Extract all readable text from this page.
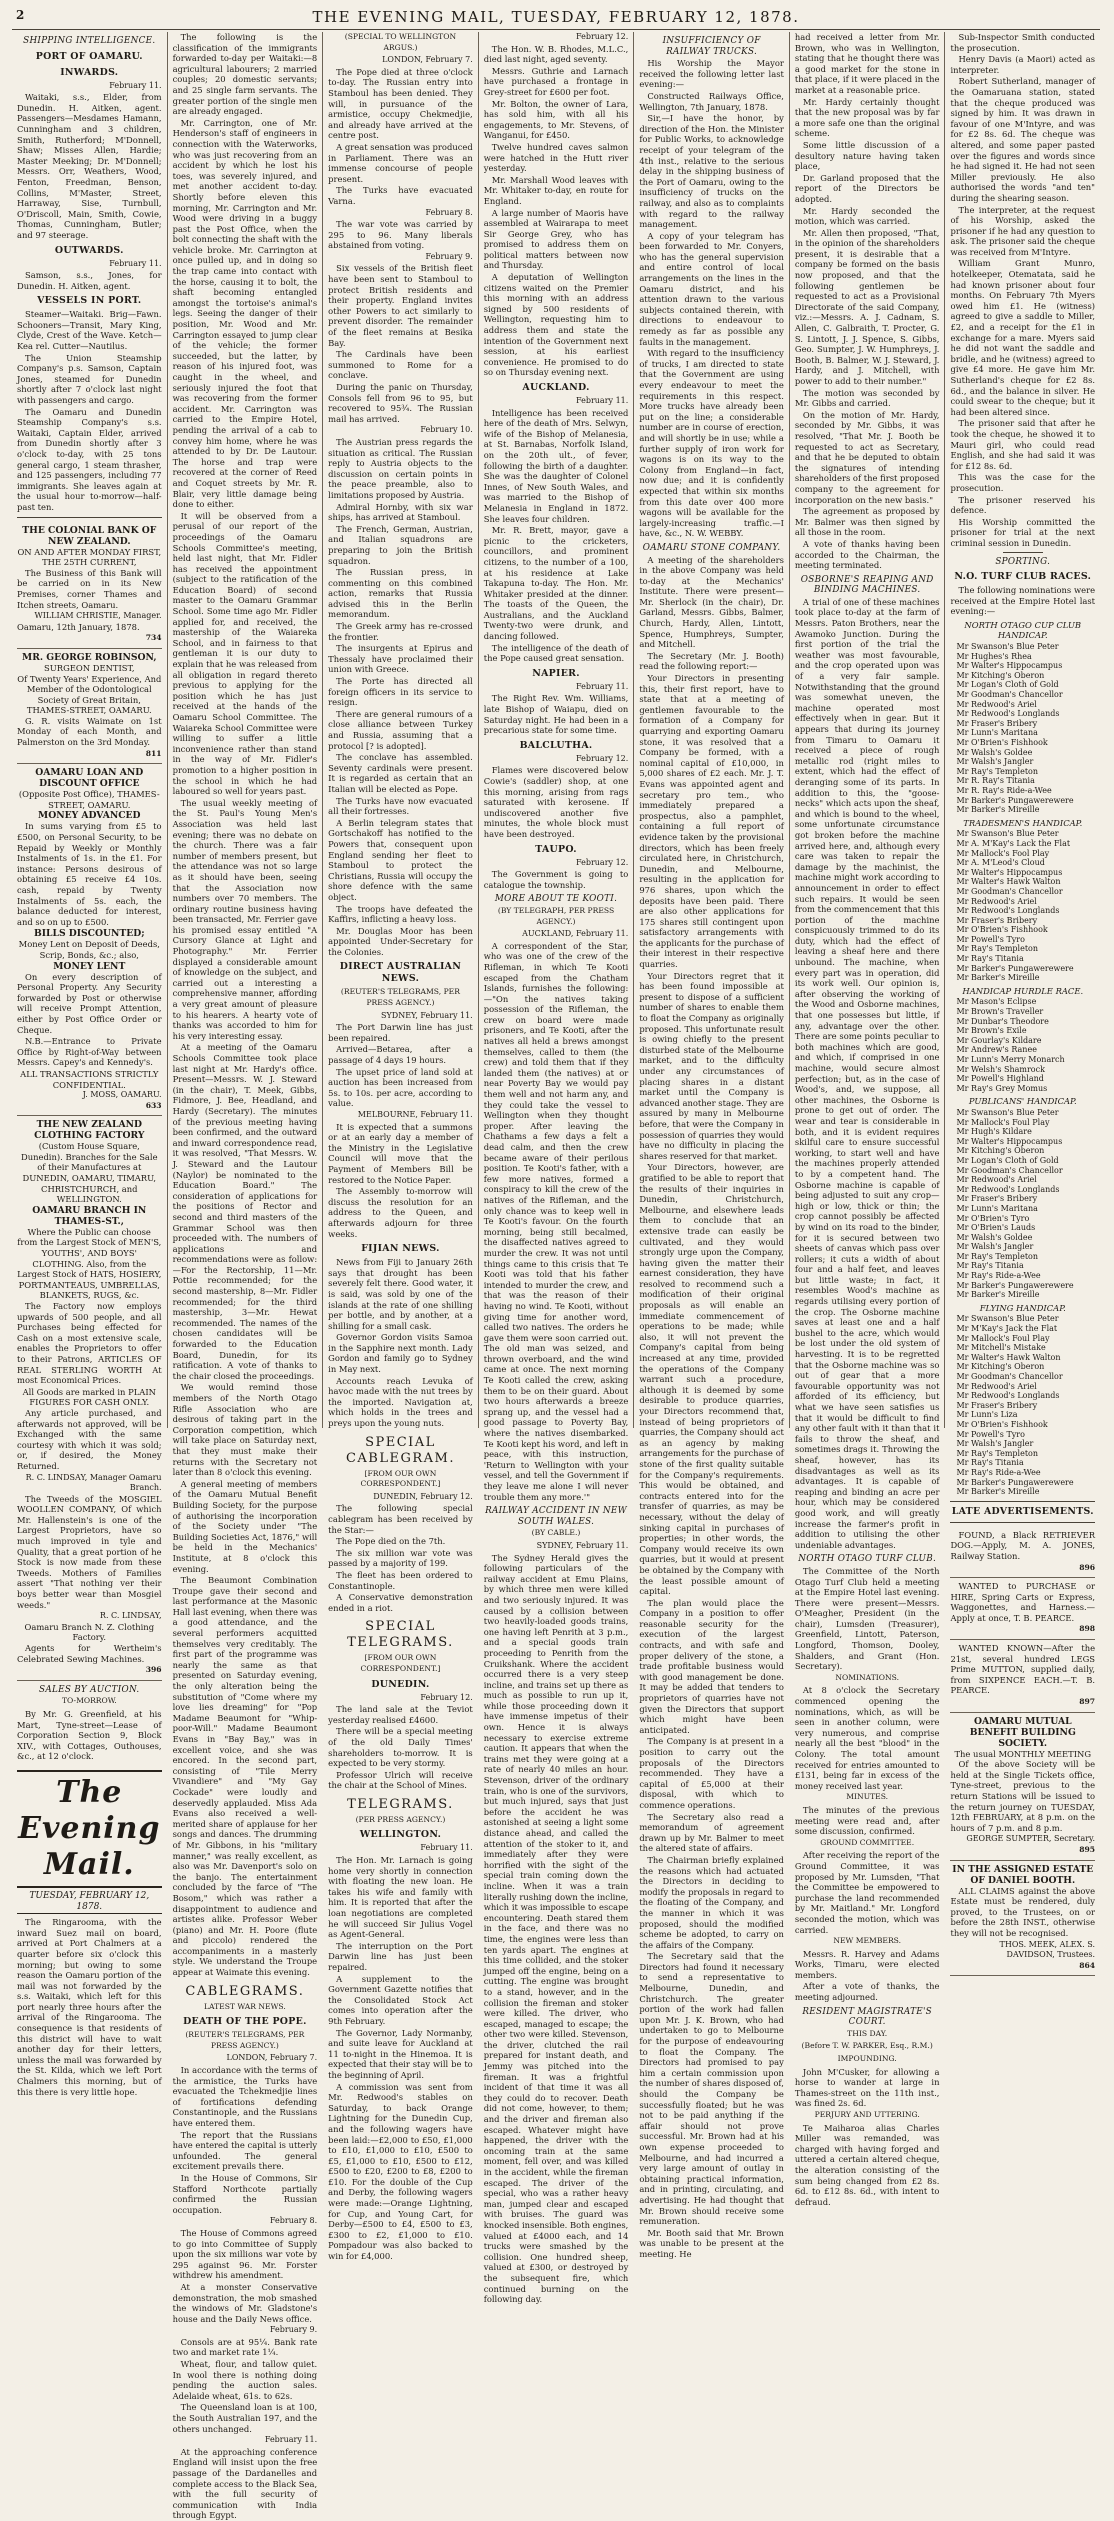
2	THE EVENING MAIL, TUESDAY, FEBRUARY 12, 1878.
SHIPPING INTELLIGENCE.
PORT OF OAMARU.
INWARDS.
February 11.

Waitaki, s.s., Elder, from Dunedin. H. Aitken, agent. Passengers—Mesdames Hamann, Cunningham and 3 children, Smith, Rutherford; M'Donnell, Shaw; Misses Allen, Hardie; Master Meeking; Dr. M'Donnell; Messrs. Orr, Weathers, Wood, Fenton, Freedman, Benson, Collins, M'Master, Street, Harraway, Sise, Turnbull, O'Driscoll, Main, Smith, Cowie, Thomas, Cunningham, Butler; and 97 steerage.

OUTWARDS.
February 11.

Samson, s.s., Jones, for Dunedin. H. Aitken, agent.

VESSELS IN PORT.

Steamer—Waitaki. Brig—Fawn. Schooners—Transit, Mary King, Clyde, Crest of the Wave. Ketch—Kea rel. Cutter—Nautilus.

The Union Steamship Company's p.s. Samson, Captain Jones, steamed for Dunedin shortly after 7 o'clock last night with passengers and cargo.

The Oamaru and Dunedin Steamship Company's s.s. Waitaki, Captain Elder, arrived from Dunedin shortly after 3 o'clock to-day, with 25 tons general cargo, 1 steam thrasher, and 125 passengers, including 77 immigrants. She leaves again at the usual hour to-morrow—half-past ten.

THE COLONIAL BANK OF NEW ZEALAND.
ON AND AFTER MONDAY FIRST, THE 25TH CURRENT,

The Business of this Bank will be carried on in its New Premises, corner Thames and Itchen streets, Oamaru.

WILLIAM CHRISTIE, Manager.

Oamaru, 12th January, 1878.

734
MR. GEORGE ROBINSON,
SURGEON DENTIST,
Of Twenty Years' Experience, And Member of the Odontological Society of Great Britain, THAMES-STREET, OAMARU.

G. R. visits Waimate on 1st Monday of each Month, and Palmerston on the 3rd Monday.

811
OAMARU LOAN AND DISCOUNT OFFICE
(Opposite Post Office), THAMES-STREET, OAMARU.
MONEY ADVANCED

In sums varying from £5 to £500, on Personal Security, to be Repaid by Weekly or Monthly Instalments of 1s. in the £1. For instance: Persons desirous of obtaining £5 receive £4 10s. cash, repaid by Twenty Instalments of 5s. each, the balance deducted for interest, and so on up to £500.

BILLS DISCOUNTED;
Money Lent on Deposit of Deeds, Scrip, Bonds, &c.; also,
MONEY LENT

On every description of Personal Property. Any Security forwarded by Post or otherwise will receive Prompt Attention, either by Post Office Order or Cheque.

N.B.—Entrance to Private Office by Right-of-Way between Messrs. Capey's and Kennedy's.

ALL TRANSACTIONS STRICTLY CONFIDENTIAL.
J. MOSS, OAMARU.
633
THE NEW ZEALAND CLOTHING FACTORY
(Custom House Square, Dunedin). Branches for the Sale of their Manufactures at DUNEDIN, OAMARU, TIMARU, CHRISTCHURCH, and WELLINGTON.
OAMARU BRANCH IN THAMES-ST.,
Where the Public can choose from the Largest Stock of MEN'S, YOUTHS', AND BOYS' CLOTHING. Also, from the Largest Stock of HATS, HOSIERY, PORTMANTEAUS, UMBRELLAS, BLANKETS, RUGS, &c.

The Factory now employs upwards of 500 people, and all Purchases being effected for Cash on a most extensive scale, enables the Proprietors to offer to their Patrons, ARTICLES OF REAL STERLING WORTH At most Economical Prices.

All Goods are marked in PLAIN FIGURES FOR CASH ONLY.

Any article purchased, and afterwards not approved, will be Exchanged with the same courtesy with which it was sold; or, if desired, the Money Returned.

R. C. LINDSAY, Manager Oamaru Branch.

The Tweeds of the MOSGIEL WOOLLEN COMPANY, Of which Mr. Hallenstein's is one of the Largest Proprietors, have so much improved in tyle and Quality, that a great portion of he Stock is now made from these Tweeds. Mothers of Families assert "That nothing ver their boys better wear than Mosgiel weeds."

R. C. LINDSAY,
Oamaru Branch N. Z. Clothing Factory.

Agents for Wertheim's Celebrated Sewing Machines.

396
SALES BY AUCTION.
TO-MORROW.

By Mr. G. Greenfield, at his Mart, Tyne-street—Lease of Corporation Section 9, Block XIV., with Cottages, Outhouses, &c., at 12 o'clock.

The Evening Mail.
TUESDAY, FEBRUARY 12, 1878.

The Ringarooma, with the inward Suez mail on board, arrived at Port Chalmers at a quarter before six o'clock this morning; but owing to some reason the Oamaru portion of the mail was not forwarded by the s.s. Waitaki, which left for this port nearly three hours after the arrival of the Ringarooma. The consequence is that residents of this district will have to wait another day for their letters, unless the mail was forwarded by the St. Kilda, which we left Port Chalmers this morning, but of this there is very little hope.

The following is the classification of the immigrants forwarded to-day per Waitaki:—8 agricultural labourers; 2 married couples; 20 domestic servants; and 25 single farm servants. The greater portion of the single men are already engaged.

Mr. Carrington, one of Mr. Henderson's staff of engineers in connection with the Waterworks, who was just recovering from an accident by which he lost his toes, was severely injured, and met another accident to-day. Shortly before eleven this morning, Mr. Carrington and Mr. Wood were driving in a buggy past the Post Office, when the bolt connecting the shaft with the vehicle broke. Mr. Carrington at once pulled up, and in doing so the trap came into contact with the horse, causing it to bolt, the shaft becoming entangled amongst the tortoise's animal's legs. Seeing the danger of their position, Mr. Wood and Mr. Carrington essayed to jump clear of the vehicle; the former succeeded, but the latter, by reason of his injured foot, was caught in the wheel, and seriously injured the foot that was recovering from the former accident. Mr. Carrington was carried to the Empire Hotel, pending the arrival of a cab to convey him home, where he was attended to by Dr. De Lautour. The horse and trap were recovered at the corner of Reed and Coquet streets by Mr. R. Blair, very little damage being done to either.

It will be observed from a perusal of our report of the proceedings of the Oamaru Schools Committee's meeting, held last night, that Mr. Fidler has received the appointment (subject to the ratification of the Education Board) of second master to the Oamaru Grammar School. Some time ago Mr. Fidler applied for, and received, the mastership of the Waiareka School, and in fairness to that gentleman it is our duty to explain that he was released from all obligation in regard thereto previous to applying for the position which he has just received at the hands of the Oamaru School Committee. The Waiareka School Committee were willing to suffer a little inconvenience rather than stand in the way of Mr. Fidler's promotion to a higher position in the school in which he had laboured so well for years past.

The usual weekly meeting of the St. Paul's Young Men's Association was held last evening; there was no debate on the church. There was a fair number of members present, but the attendance was not so large as it should have been, seeing that the Association now numbers over 70 members. The ordinary routine business having been transacted, Mr. Ferrier gave his promised essay entitled "A Cursory Glance at Light and Photography." Mr. Ferrier displayed a considerable amount of knowledge on the subject, and carried out a interesting a comprehensive manner, affording a very great amount of pleasure to his hearers. A hearty vote of thanks was accorded to him for his very interesting essay.

At a meeting of the Oamaru Schools Committee took place last night at Mr. Hardy's office. Present—Messrs. W. J. Steward (in the chair), T. Meek, Gibbs, Fidmore, J. Bee, Headland, and Hardy (Secretary). The minutes of the previous meeting having been confirmed, and the outward and inward correspondence read, it was resolved, "That Messrs. W. J. Steward and the Lautour (Naylor) be nominated to the Education Board." The consideration of applications for the positions of Rector and second and third masters of the Grammar School was then proceeded with. The numbers of applications and recommendations were as follow:—For the Rectorship, 11—Mr. Pottie recommended; for the second mastership, 8—Mr. Fidler recommended; for the third mastership, 3—Mr. Hewat recommended. The names of the chosen candidates will be forwarded to the Education Board, Dunedin, for its ratification. A vote of thanks to the chair closed the proceedings.

We would remind those members of the North Otago Rifle Association who are desirous of taking part in the Corporation competition, which will take place on Saturday next, that they must make their returns with the Secretary not later than 8 o'clock this evening.

A general meeting of members of the Oamaru Mutual Benefit Building Society, for the purpose of authorising the incorporation of the Society under "The Building Societies Act, 1876," will be held in the Mechanics' Institute, at 8 o'clock this evening.

The Beaumont Combination Troupe gave their second and last performance at the Masonic Hall last evening, when there was a good attendance, and the several performers acquitted themselves very creditably. The first part of the programme was nearly the same as that presented on Saturday evening, the only alteration being the substitution of "Come where my love lies dreaming" for "Pop Madame Beaumont for "Whip-poor-Will." Madame Beaumont Evans in "Bay Bay," was in excellent voice, and she was encored. In the second part, consisting of "Tile Merry Vivandiere" and "My Gay Cockade" were loudly and deservedly applauded. Miss Ada Evans also received a well-merited share of applause for her songs and dances. The drumming of Mr. Gibbons, in his "military manner," was really excellent, as also was Mr. Davenport's solo on the banjo. The entertainment concluded by the farce of "The Bosom," which was rather a disappointment to audience and artistes alike. Professor Weber (piano) and Mr. H. Poore (flute and piccolo) rendered the accompaniments in a masterly style. We understand the Troupe appear at Waimate this evening.

CABLEGRAMS.
LATEST WAR NEWS.
DEATH OF THE POPE.
(REUTER'S TELEGRAMS, PER PRESS AGENCY.)
LONDON, February 7.

In accordance with the terms of the armistice, the Turks have evacuated the Tchekmedjie lines of fortifications defending Constantinople, and the Russians have entered them.

The report that the Russians have entered the capital is utterly unfounded. The general excitement prevails there.

In the House of Commons, Sir Stafford Northcote partially confirmed the Russian occupation.

February 8.

The House of Commons agreed to go into Committee of Supply upon the six millions war vote by 295 against 96. Mr. Forster withdrew his amendment.

At a monster Conservative demonstration, the mob smashed the windows of Mr. Gladstone's house and the Daily News office.

February 9.

Consols are at 95¼. Bank rate two and market rate 1¼.

Wheat, flour, and tallow quiet. In wool there is nothing doing pending the auction sales. Adelaide wheat, 61s. to 62s.

The Queensland loan is at 100, the South Australian 197, and the others unchanged.

February 11.

At the approaching conference England will insist upon the free passage of the Dardanelles and complete access to the Black Sea, with the full security of communication with India through Egypt.

(SPECIAL TO WELLINGTON ARGUS.)
LONDON, February 7.

The Pope died at three o'clock to-day. The Russian entry into Stamboul has been denied. They will, in pursuance of the armistice, occupy Chekmedjie, and already have arrived at the centre post.

A great sensation was produced in Parliament. There was an immense concourse of people present.

The Turks have evacuated Varna.

February 8.

The war vote was carried by 295 to 96. Many liberals abstained from voting.

February 9.

Six vessels of the British fleet have been sent to Stamboul to protect British residents and their property. England invites other Powers to act similarly to prevent disorder. The remainder of the fleet remains at Besika Bay.

The Cardinals have been summoned to Rome for a conclave.

During the panic on Thursday, Consols fell from 96 to 95, but recovered to 95¾. The Russian mail has arrived.

February 10.

The Austrian press regards the situation as critical. The Russian reply to Austria objects to the discussion on certain points in the peace preamble, also to limitations proposed by Austria.

Admiral Hornby, with six war ships, has arrived at Stamboul.

The French, German, Austrian, and Italian squadrons are preparing to join the British squadron.

The Russian press, in commenting on this combined action, remarks that Russia advised this in the Berlin memorandum.

The Greek army has re-crossed the frontier.

The insurgents at Epirus and Thessaly have proclaimed their union with Greece.

The Porte has directed all foreign officers in its service to resign.

There are general rumours of a close alliance between Turkey and Russia, assuming that a protocol [? is adopted].

The conclave has assembled. Seventy cardinals were present. It is regarded as certain that an Italian will be elected as Pope.

The Turks have now evacuated all their fortresses.

A Berlin telegram states that Gortschakoff has notified to the Powers that, consequent upon England sending her fleet to Stamboul to protect the Christians, Russia will occupy the shore defence with the same object.

The troops have defeated the Kaffirs, inflicting a heavy loss.

Mr. Douglas Moor has been appointed Under-Secretary for the Colonies.

DIRECT AUSTRALIAN NEWS.
(REUTER'S TELEGRAMS, PER PRESS AGENCY.)
SYDNEY, February 11.

The Port Darwin line has just been repaired.

Arrived—Betarea, after a passage of 4 days 19 hours.

The upset price of land sold at auction has been increased from 5s. to 10s. per acre, according to value.

MELBOURNE, February 11.

It is expected that a summons or at an early day a member of the Ministry in the Legislative Council will move that the Payment of Members Bill be restored to the Notice Paper.

The Assembly to-morrow will discuss the resolution for an address to the Queen, and afterwards adjourn for three weeks.

FIJIAN NEWS.

News from Fiji to January 26th says that drought has been severely felt there. Good water, it is said, was sold by one of the islands at the rate of one shilling per bottle, and by another, at a shilling for a small cask.

Governor Gordon visits Samoa in the Sapphire next month. Lady Gordon and family go to Sydney in May next.

Accounts reach Levuka of havoc made with the nut trees by the imported. Navigation at, which holds in the trees and preys upon the young nuts.

SPECIAL CABLEGRAM.
[FROM OUR OWN CORRESPONDENT.]
DUNEDIN, February 12.

The following special cablegram has been received by the Star:—

The Pope died on the 7th.

The six million war vote was passed by a majority of 199.

The fleet has been ordered to Constantinople.

A Conservative demonstration ended in a riot.

SPECIAL TELEGRAMS.
[FROM OUR OWN CORRESPONDENT.]
DUNEDIN.
February 12.

The land sale at the Teviot yesterday realised £4600.

There will be a special meeting of the old Daily Times' shareholders to-morrow. It is expected to be very stormy.

Professor Ulrich will receive the chair at the School of Mines.

TELEGRAMS.
(PER PRESS AGENCY.)
WELLINGTON.
February 11.

The Hon. Mr. Larnach is going home very shortly in connection with floating the new loan. He takes his wife and family with him. It is reported that after the loan negotiations are completed he will succeed Sir Julius Vogel as Agent-General.

The interruption on the Port Darwin line has just been repaired.

A supplement to the Government Gazette notifies that the Consolidated Stock Act comes into operation after the 9th February.

The Governor, Lady Normanby, and suite leave for Auckland at 11 to-night in the Hinemoa. It is expected that their stay will be to the beginning of April.

A commission was sent from Mr. Redwood's stables on Saturday, to back Orange Lightning for the Dunedin Cup, and the following wagers have been laid:—£2,000 to £50, £1,000 to £10, £1,000 to £10, £500 to £5, £1,000 to £10, £500 to £12, £500 to £20, £200 to £8, £200 to £10. For the double of the Cup and Derby, the following wagers were made:—Orange Lightning, for Cup, and Young Cart, for Derby—£500 to £4, £500 to £3, £300 to £2, £1,000 to £10. Pompadour was also backed to win for £4,000.

February 12.

The Hon. W. B. Rhodes, M.L.C., died last night, aged seventy.

Messrs. Guthrie and Larnach have purchased a frontage in Grey-street for £600 per foot.

Mr. Bolton, the owner of Lara, has sold him, with all his engagements, to Mr. Stevens, of Wanganui, for £450.

Twelve hundred caves salmon were hatched in the Hutt river yesterday.

Mr. Marshall Wood leaves with Mr. Whitaker to-day, en route for England.

A large number of Maoris have assembled at Wairarapa to meet Sir George Grey, who has promised to address them on political matters between now and Thursday.

A deputation of Wellington citizens waited on the Premier this morning with an address signed by 500 residents of Wellington, requesting him to address them and state the intention of the Government next session, at his earliest convenience. He promised to do so on Thursday evening next.

AUCKLAND.
February 11.

Intelligence has been received here of the death of Mrs. Selwyn, wife of the Bishop of Melanesia, at St. Barnabas, Norfolk Island, on the 20th ult., of fever, following the birth of a daughter. She was the daughter of Colonel Innes, of New South Wales, and was married to the Bishop of Melanesia in England in 1872. She leaves four children.

Mr. R. Brett, mayor, gave a picnic to the cricketers, councillors, and prominent citizens, to the number of a 100, at his residence at Lake Takapuna to-day. The Hon. Mr. Whitaker presided at the dinner. The toasts of the Queen, the Australians, and the Auckland Twenty-two were drunk, and dancing followed.

The intelligence of the death of the Pope caused great sensation.

NAPIER.
February 11.

The Right Rev. Wm. Williams, late Bishop of Waiapu, died on Saturday night. He had been in a precarious state for some time.

BALCLUTHA.
February 12.

Flames were discovered below Cowie's (saddler) shop, at one this morning, arising from rags saturated with kerosene. If undiscovered another five minutes, the whole block must have been destroyed.

TAUPO.
February 12.

The Government is going to catalogue the township.

MORE ABOUT TE KOOTI.
(BY TELEGRAPH, PER PRESS AGENCY.)
AUCKLAND, February 11.

A correspondent of the Star, who was one of the crew of the Rifleman, in which Te Kooti escaped from the Chatham Islands, furnishes the following:—"On the natives taking possession of the Rifleman, the crew on board were made prisoners, and Te Kooti, after the natives all held a brews amongst themselves, called to them (the crew) and told them that if they landed them (the natives) at or near Poverty Bay we would pay them well and not harm any, and they could take the vessel to Wellington when they thought proper. After leaving the Chathams a few days a felt a dead calm, and then the crew became aware of their perilous position. Te Kooti's father, with a few more natives, formed a conspiracy to kill the crew of the natives of the Rifleman, and the only chance was to keep well in Te Kooti's favour. On the fourth morning, being still becalmed, the disaffected natives agreed to murder the crew. It was not until things came to this crisis that Te Kooti was told that his father intended to murder the crew, and that was the reason of their having no wind. Te Kooti, without giving time for another word, called two natives. The orders he gave them were soon carried out. The old man was seized, and thrown overboard, and the wind came at once. The next morning Te Kooti called the crew, asking them to be on their guard. About two hours afterwards a breeze sprang up, and the vessel had a good passage to Poverty Bay, where the natives disembarked. Te Kooti kept his word, and left in peace, with this instruction, 'Return to Wellington with your vessel, and tell the Government if they leave me alone I will never trouble them any more.'"

RAILWAY ACCIDENT IN NEW SOUTH WALES.
(BY CABLE.)
SYDNEY, February 11.

The Sydney Herald gives the following particulars of the railway accident at Emu Plains, by which three men were killed and two seriously injured. It was caused by a collision between two heavily-loaded goods trains, one having left Penrith at 3 p.m., and a special goods train proceeding to Penrith from the Cruikshank. Where the accident occurred there is a very steep incline, and trains set up there as much as possible to run up it, while those proceeding down it have immense impetus of their own. Hence it is always necessary to exercise extreme caution. It appears that when the trains met they were going at a rate of nearly 40 miles an hour. Stevenson, driver of the ordinary train, who is one of the survivors, but much injured, says that just before the accident he was astonished at seeing a light some distance ahead, and called the attention of the stoker to it, and immediately after they were horrified with the sight of the special train coming down the incline. When it was a train literally rushing down the incline, which it was impossible to escape encountering. Death stared them in the face, and there was no time, the engines were less than ten yards apart. The engines at this time collided, and the stoker jumped off the engine, being on a cutting. The engine was brought to a stand, however, and in the collision the fireman and stoker were killed. The driver, who escaped, managed to escape; the other two were killed. Stevenson, the driver, clutched the rail prepared for instant death, and Jemmy was pitched into the fireman. It was a frightful incident of that time it was all they could do to recover. Death did not come, however, to them; and the driver and fireman also escaped. Whatever might have happened, the driver with the oncoming train at the same moment, fell over, and was killed in the accident, while the fireman escaped. The driver of the special, who was a rather heavy man, jumped clear and escaped with bruises. The guard was knocked insensible. Both engines, valued at £4000 each, and 14 trucks were smashed by the collision. One hundred sheep, valued at £300, or destroyed by the subsequent fire, which continued burning on the following day.

INSUFFICIENCY OF RAILWAY TRUCKS.

His Worship the Mayor received the following letter last evening:—

Constructed Railways Office, Wellington, 7th January, 1878.

Sir,—I have the honor, by direction of the Hon. the Minister for Public Works, to acknowledge receipt of your telegram of the 4th inst., relative to the serious delay in the shipping business of the Port of Oamaru, owing to the insufficiency of trucks on the railway, and also as to complaints with regard to the railway management.

A copy of your telegram has been forwarded to Mr. Conyers, who has the general supervision and entire control of local arrangements on the lines in the Oamaru district, and his attention drawn to the various subjects contained therein, with directions to endeavour to remedy as far as possible any faults in the management.

With regard to the insufficiency of trucks, I am directed to state that the Government are using every endeavour to meet the requirements in this respect. More trucks have already been put on the line; a considerable number are in course of erection, and will shortly be in use; while a further supply of iron work for wagons is on its way to the Colony from England—in fact, now due; and it is confidently expected that within six months from this date over 400 more wagons will be available for the largely-increasing traffic.—I have, &c., N. W. WEBBY.

OAMARU STONE COMPANY.

A meeting of the shareholders in the above Company was held to-day at the Mechanics' Institute. There were present—Mr. Sherlock (in the chair), Dr. Garland, Messrs. Gibbs, Balmer, Church, Hardy, Allen, Lintott, Spence, Humphreys, Sumpter, and Mitchell.

The Secretary (Mr. J. Booth) read the following report:—

Your Directors in presenting this, their first report, have to state that at a meeting of gentlemen favourable to the formation of a Company for quarrying and exporting Oamaru stone, it was resolved that a Company be formed, with a nominal capital of £10,000, in 5,000 shares of £2 each. Mr. J. T. Evans was appointed agent and secretary pro tem., who immediately prepared a prospectus, also a pamphlet, containing a full report of evidence taken by the provisional directors, which has been freely circulated here, in Christchurch, Dunedin, and Melbourne, resulting in the application for 976 shares, upon which the deposits have been paid. There are also other applications for 175 shares still contingent upon satisfactory arrangements with the applicants for the purchase of their interest in their respective quarries.

Your Directors regret that it has been found impossible at present to dispose of a sufficient number of shares to enable them to float the Company as originally proposed. This unfortunate result is owing chiefly to the present disturbed state of the Melbourne market, and to the difficulty under any circumstances of placing shares in a distant market until the Company is advanced another stage. They are assured by many in Melbourne before, that were the Company in possession of quarries they would have no difficulty in placing the shares reserved for that market.

Your Directors, however, are gratified to be able to report that the results of their inquiries in Dunedin, Christchurch, Melbourne, and elsewhere leads them to conclude that an extensive trade can easily be cultivated, and they would strongly urge upon the Company, having given the matter their earnest consideration, they have resolved to recommend such a modification of their original proposals as will enable an immediate commencement of operations to be made; while also, it will not prevent the Company's capital from being increased at any time, provided the operations of the Company warrant such a procedure, although it is deemed by some desirable to produce quarries, your Directors recommend that, instead of being proprietors of quarries, the Company should act as an agency by making arrangements for the purchase of stone of the first quality suitable for the Company's requirements. This would be obtained, and contracts entered into for the transfer of quarries, as may be necessary, without the delay of sinking capital in purchases of properties; in other words, the Company would receive its own quarries, but it would at present be obtained by the Company with the least possible amount of capital.

The plan would place the Company in a position to offer reasonable security for the execution of the largest contracts, and with safe and proper delivery of the stone, a trade profitable business would with good management be done. It may be added that tenders to proprietors of quarries have not given the Directors that support which might have been anticipated.

The Company is at present in a position to carry out the proposals of the Directors recommended. They have a capital of £5,000 at their disposal, with which to commence operations.

The Secretary also read a memorandum of agreement drawn up by Mr. Balmer to meet the altered state of affairs.

The Chairman briefly explained the reasons which had actuated the Directors in deciding to modify the proposals in regard to the floating of the Company, and the manner in which it was proposed, should the modified scheme be adopted, to carry on the affairs of the Company.

The Secretary said that the Directors had found it necessary to send a representative to Melbourne, Dunedin, and Christchurch. The greater portion of the work had fallen upon Mr. J. K. Brown, who had undertaken to go to Melbourne for the purpose of endeavouring to float the Company. The Directors had promised to pay him a certain commission upon the number of shares disposed of, should the Company be successfully floated; but he was not to be paid anything if the affair should not prove successful. Mr. Brown had at his own expense proceeded to Melbourne, and had incurred a very large amount of outlay in obtaining practical information, and in printing, circulating, and advertising. He had thought that Mr. Brown should receive some remuneration.

Mr. Booth said that Mr. Brown was unable to be present at the meeting. He

had received a letter from Mr. Brown, who was in Wellington, stating that he thought there was a good market for the stone in that place, if it were placed in the market at a reasonable price.

Mr. Hardy certainly thought that the new proposal was by far a more safe one than the original scheme.

Some little discussion of a desultory nature having taken place,

Dr. Garland proposed that the report of the Directors be adopted.

Mr. Hardy seconded the motion, which was carried.

Mr. Allen then proposed, "That, in the opinion of the shareholders present, it is desirable that a company be formed on the basis now proposed, and that the following gentlemen be requested to act as a Provisional Directorate of the said Company, viz.:—Messrs. A. J. Cadnam, S. Allen, C. Galbraith, T. Procter, G. S. Lintott, J. J. Spence, S. Gibbs, Geo. Sumpter, J. W. Humphreys, J. Booth, B. Balmer, W. J. Steward, J. Hardy, and J. Mitchell, with power to add to their number."

The motion was seconded by Mr. Gibbs and carried.

On the motion of Mr. Hardy, seconded by Mr. Gibbs, it was resolved, "That Mr. J. Booth be requested to act as Secretary, and that he be deputed to obtain the signatures of intending shareholders of the first proposed company to the agreement for incorporation on the new basis."

The agreement as proposed by Mr. Balmer was then signed by all those in the room.

A vote of thanks having been accorded to the Chairman, the meeting terminated.

OSBORNE'S REAPING AND BINDING MACHINES.

A trial of one of these machines took place to-day at the farm of Messrs. Paton Brothers, near the Awamoko Junction. During the first portion of the trial the weather was most favourable, and the crop operated upon was of a very fair sample. Notwithstanding that the ground was somewhat uneven, the machine operated most effectively when in gear. But it appears that during its journey from Timaru to Oamaru it received a piece of rough metallic rod (right miles to extent, which had the effect of deranging some of its parts. In addition to this, the "goose-necks" which acts upon the sheaf, and which is bound to the wheel, some unfortunate circumstance got broken before the machine arrived here, and, although every care was taken to repair the damage by the machinist, the machine might work according to announcement in order to effect such repairs. It would be seen from the commencement that this portion of the machine conspicuously trimmed to do its duty, which had the effect of leaving a sheaf here and there unbound. The machine, when every part was in operation, did its work well. Our opinion is, after observing the working of the Wood and Osborne machines, that one possesses but little, if any, advantage over the other. There are some points peculiar to both machines which are good, and which, if comprised in one machine, would secure almost perfection; but, as in the case of Wood's, and, we suppose, all other machines, the Osborne is prone to get out of order. The wear and tear is considerable in both, and it is evident requires skilful care to ensure successful working, to start well and have the machines properly attended to by a competent hand. The Osborne machine is capable of being adjusted to suit any crop—high or low, thick or thin; the crop cannot possibly be affected by wind on its road to the binder, for it is secured between two sheets of canvas which pass over rollers; it cuts a width of about four and a half feet, and leaves but little waste; in fact, it resembles Wood's machine as regards utilising every portion of the crop. The Osborne machine saves at least one and a half bushel to the acre, which would be lost under the old system of harvesting. It is to be regretted that the Osborne machine was so out of gear that a more favourable opportunity was not afforded of its efficiency, but what we have seen satisfies us that it would be difficult to find any other fault with it than that it fails to throw the sheaf, and sometimes drags it. Throwing the sheaf, however, has its disadvantages as well as its advantages. It is capable of reaping and binding an acre per hour, which may be considered good work, and will greatly increase the farmer's profit in addition to utilising the other undeniable advantages.

NORTH OTAGO TURF CLUB.

The Committee of the North Otago Turf Club held a meeting at the Empire Hotel last evening. There were present—Messrs. O'Meagher, President (in the chair), Lumsden (Treasurer), Greenfield, Lintott, Paterson, Longford, Thomson, Dooley, Shalders, and Grant (Hon. Secretary).

NOMINATIONS.

At 8 o'clock the Secretary commenced opening the nominations, which, as will be seen in another column, were very numerous, and comprise nearly all the best "blood" in the Colony. The total amount received for entries amounted to £131, being far in excess of the money received last year.

MINUTES.

The minutes of the previous meeting were read and, after some discussion, confirmed.

GROUND COMMITTEE.

After receiving the report of the Ground Committee, it was proposed by Mr. Lumsden, "That the Committee be empowered to purchase the land recommended by Mr. Maitland." Mr. Longford seconded the motion, which was carried.

NEW MEMBERS.

Messrs. R. Harvey and Adams Works, Timaru, were elected members.

After a vote of thanks, the meeting adjourned.

RESIDENT MAGISTRATE'S COURT.
THIS DAY.
(Before T. W. PARKER, Esq., R.M.)
IMPOUNDING.

John M'Cusker, for allowing a horse to wander at large in Thames-street on the 11th inst., was fined 2s. 6d.

PERJURY AND UTTERING.

Te Maiharoa alias Charles Miller was remanded, was charged with having forged and uttered a certain altered cheque, the alteration consisting of the sum being changed from £2 8s. 6d. to £12 8s. 6d., with intent to defraud.

Sub-Inspector Smith conducted the prosecution.

Henry Davis (a Maori) acted as interpreter.

Robert Sutherland, manager of the Oamaruana station, stated that the cheque produced was signed by him. It was drawn in favour of one M'Intyre, and was for £2 8s. 6d. The cheque was altered, and some paper pasted over the figures and words since he had signed it. He had not seen Miller previously. He also authorised the words "and ten" during the shearing season.

The interpreter, at the request of his Worship, asked the prisoner if he had any question to ask. The prisoner said the cheque was received from M'Intyre.

William Grant Munro, hotelkeeper, Otematata, said he had known prisoner about four months. On February 7th Myers owed him £1. He (witness) agreed to give a saddle to Miller, £2, and a receipt for the £1 in exchange for a mare. Myers said he did not want the saddle and bridle, and he (witness) agreed to give £4 more. He gave him Mr. Sutherland's cheque for £2 8s. 6d., and the balance in silver. He could swear to the cheque; but it had been altered since.

The prisoner said that after he took the cheque, he showed it to Mauri girl, who could read English, and she had said it was for £12 8s. 6d.

This was the case for the prosecution.

The prisoner reserved his defence.

His Worship committed the prisoner for trial at the next criminal session in Dunedin.

SPORTING.
N.O. TURF CLUB RACES.

The following nominations were received at the Empire Hotel last evening:—

NORTH OTAGO CUP CLUB HANDICAP.
Mr Swanson's Blue Peter
Mr Hughes's Rhea
Mr Walter's Hippocampus
Mr Kitching's Oberon
Mr Logan's Cloth of Gold
Mr Goodman's Chancellor
Mr Redwood's Ariel
Mr Redwood's Longlands
Mr Fraser's Bribery
Mr Lunn's Maritana
Mr O'Brien's Fishhook
Mr Walsh's Goldee
Mr Walsh's Jangler
Mr Ray's Templeton
Mr R. Ray's Titania
Mr R. Ray's Ride-a-Wee
Mr Barker's Pungawerewere
Mr Barker's Mireille
TRADESMEN'S HANDICAP.
Mr Swanson's Blue Peter
Mr A. M'Kay's Lack the Flat
Mr Mallock's Fool Play
Mr A. M'Leod's Cloud
Mr Walter's Hippocampus
Mr Walter's Hawk Walton
Mr Goodman's Chancellor
Mr Redwood's Ariel
Mr Redwood's Longlands
Mr Fraser's Bribery
Mr O'Brien's Fishhook
Mr Powell's Tyro
Mr Ray's Templeton
Mr Ray's Titania
Mr Barker's Pungawerewere
Mr Barker's Mireille
HANDICAP HURDLE RACE.
Mr Mason's Eclipse
Mr Brown's Traveller
Mr Dunbar's Theodore
Mr Brown's Exile
Mr Gourlay's Kildare
Mr Andrew's Ranee
Mr Lunn's Merry Monarch
Mr Welsh's Shamrock
Mr Powell's Highland
Mr Ray's Grey Momus
PUBLICANS' HANDICAP.
Mr Swanson's Blue Peter
Mr Mallock's Foul Play
Mr Hugh's Kildare
Mr Walter's Hippocampus
Mr Kitching's Oberon
Mr Logan's Cloth of Gold
Mr Goodman's Chancellor
Mr Redwood's Ariel
Mr Redwood's Longlands
Mr Fraser's Bribery
Mr Lunn's Maritana
Mr O'Brien's Tyro
Mr O'Brien's Lauds
Mr Walsh's Goldee
Mr Walsh's Jangler
Mr Ray's Templeton
Mr Ray's Titania
Mr Ray's Ride-a-Wee
Mr Barker's Pungawerewere
Mr Barker's Mireille
FLYING HANDICAP.
Mr Swanson's Blue Peter
Mr M'Kay's Jack the Flat
Mr Mallock's Foul Play
Mr Mitchell's Mistake
Mr Walter's Hawk Walton
Mr Kitching's Oberon
Mr Goodman's Chancellor
Mr Redwood's Ariel
Mr Redwood's Longlands
Mr Fraser's Bribery
Mr Lunn's Liza
Mr O'Brien's Fishhook
Mr Powell's Tyro
Mr Walsh's Jangler
Mr Ray's Templeton
Mr Ray's Titania
Mr Ray's Ride-a-Wee
Mr Barker's Pungawerewere
Mr Barker's Mireille
LATE ADVERTISEMENTS.

FOUND, a Black RETRIEVER DOG.—Apply, M. A. JONES, Railway Station.

896

WANTED to PURCHASE or HIRE, Spring Carts or Express, Waggonettes, and Harness.—Apply at once, T. B. PEARCE.

898

WANTED KNOWN—After the 21st, several hundred LEGS Prime MUTTON, supplied daily, from SIXPENCE EACH.—T. B. PEARCE.

897
OAMARU MUTUAL BENEFIT BUILDING SOCIETY.
The usual MONTHLY MEETING

Of the above Society will be held at the Single Tickets office, Tyne-street, previous to the return Stations will be issued to the return journey on TUESDAY, 12th FEBRUARY, at 8 p.m. on the hours of 7 p.m. and 8 p.m.

GEORGE SUMPTER, Secretary.
895
IN THE ASSIGNED ESTATE OF DANIEL BOOTH.

ALL CLAIMS against the above Estate must be rendered, duly proved, to the Trustees, on or before the 28th INST., otherwise they will not be recognised.

THOS. MEEK, ALEX. S. DAVIDSON, Trustees.
864
